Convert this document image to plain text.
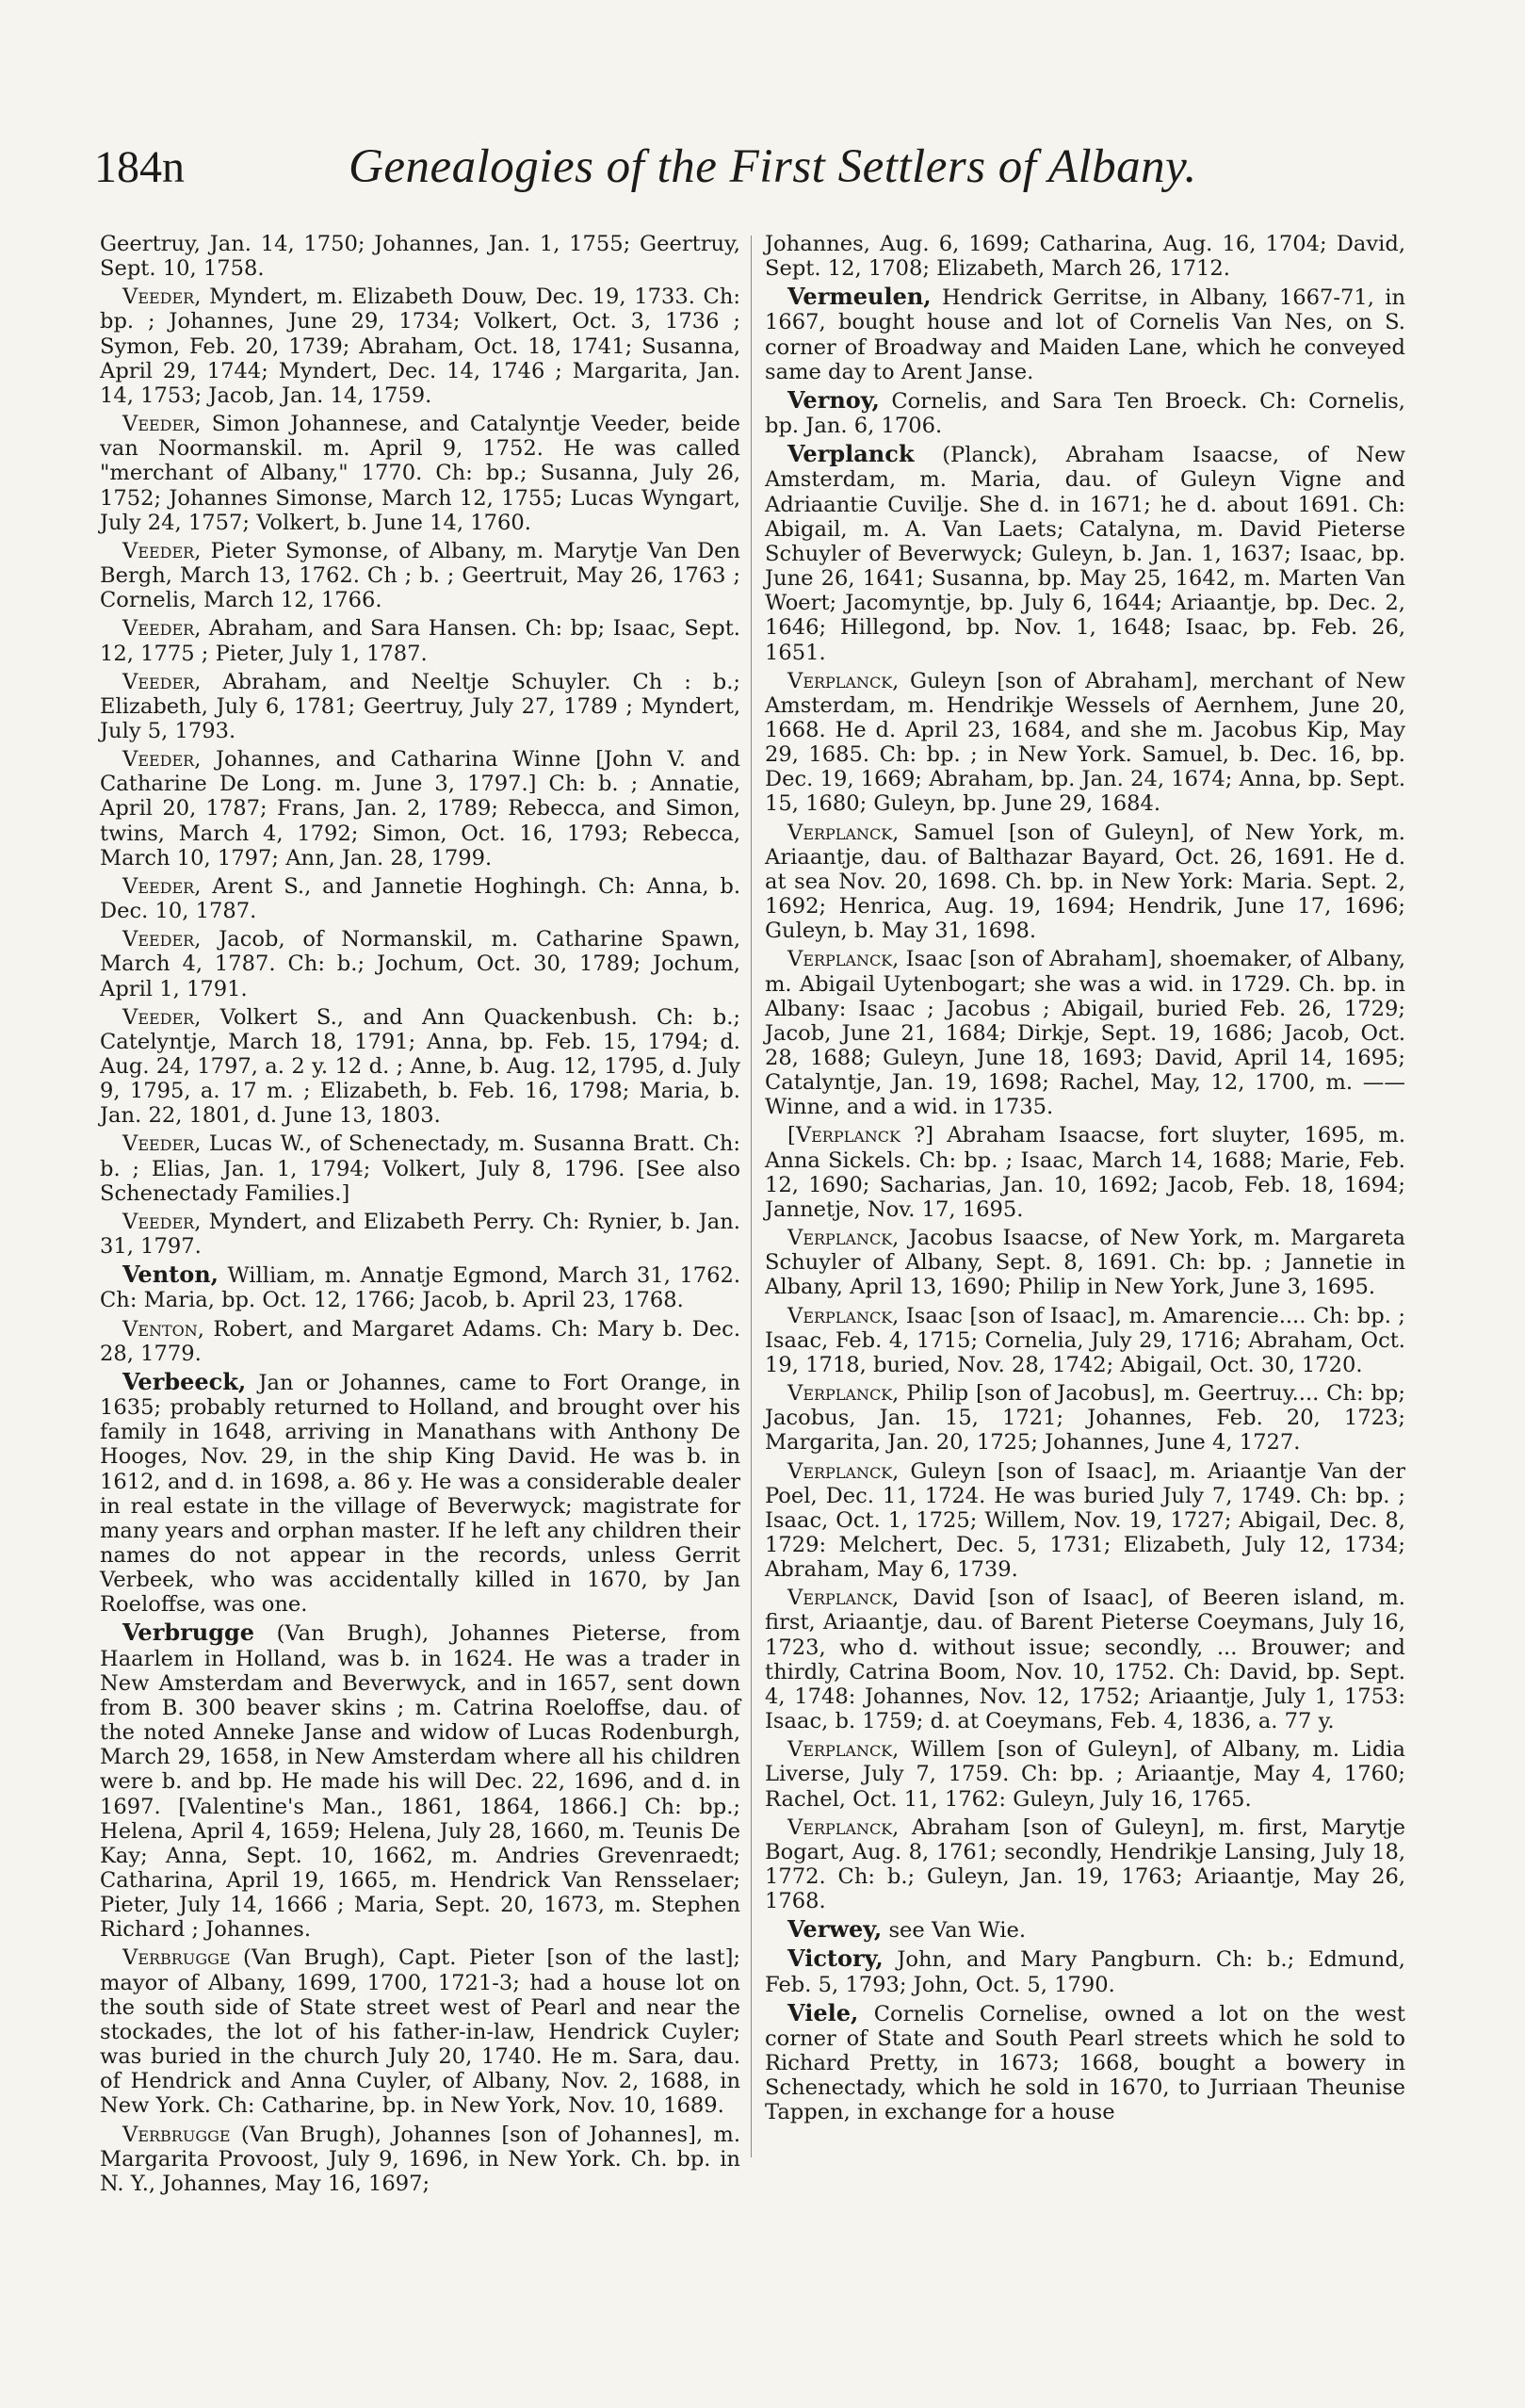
184n	Genealogies of the First Settlers of Albany.

Geertruy, Jan. 14, 1750; Johannes, Jan. 1, 1755; Geertruy, Sept. 10, 1758.

Veeder, Myndert, m. Elizabeth Douw, Dec. 19, 1733. Ch: bp. ; Johannes, June 29, 1734; Volkert, Oct. 3, 1736 ; Symon, Feb. 20, 1739; Abraham, Oct. 18, 1741; Susanna, April 29, 1744; Myndert, Dec. 14, 1746 ; Margarita, Jan. 14, 1753; Jacob, Jan. 14, 1759.

Veeder, Simon Johannese, and Catalyntje Veeder, beide van Noormanskil. m. April 9, 1752. He was called "merchant of Albany," 1770. Ch: bp.; Susanna, July 26, 1752; Johannes Simonse, March 12, 1755; Lucas Wyngart, July 24, 1757; Volkert, b. June 14, 1760.

Veeder, Pieter Symonse, of Albany, m. Marytje Van Den Bergh, March 13, 1762. Ch ; b. ; Geertruit, May 26, 1763 ; Cornelis, March 12, 1766.

Veeder, Abraham, and Sara Hansen. Ch: bp; Isaac, Sept. 12, 1775 ; Pieter, July 1, 1787.

Veeder, Abraham, and Neeltje Schuyler. Ch : b.; Elizabeth, July 6, 1781; Geertruy, July 27, 1789 ; Myndert, July 5, 1793.

Veeder, Johannes, and Catharina Winne [John V. and Catharine De Long. m. June 3, 1797.] Ch: b. ; Annatie, April 20, 1787; Frans, Jan. 2, 1789; Rebecca, and Simon, twins, March 4, 1792; Simon, Oct. 16, 1793; Rebecca, March 10, 1797; Ann, Jan. 28, 1799.

Veeder, Arent S., and Jannetie Hoghingh. Ch: Anna, b. Dec. 10, 1787.

Veeder, Jacob, of Normanskil, m. Catharine Spawn, March 4, 1787. Ch: b.; Jochum, Oct. 30, 1789; Jochum, April 1, 1791.

Veeder, Volkert S., and Ann Quackenbush. Ch: b.; Catelyntje, March 18, 1791; Anna, bp. Feb. 15, 1794; d. Aug. 24, 1797, a. 2 y. 12 d. ; Anne, b. Aug. 12, 1795, d. July 9, 1795, a. 17 m. ; Elizabeth, b. Feb. 16, 1798; Maria, b. Jan. 22, 1801, d. June 13, 1803.

Veeder, Lucas W., of Schenectady, m. Susanna Bratt. Ch: b. ; Elias, Jan. 1, 1794; Volkert, July 8, 1796. [See also Schenectady Families.]

Veeder, Myndert, and Elizabeth Perry. Ch: Rynier, b. Jan. 31, 1797.

Venton, William, m. Annatje Egmond, March 31, 1762. Ch: Maria, bp. Oct. 12, 1766; Jacob, b. April 23, 1768.

Venton, Robert, and Margaret Adams. Ch: Mary b. Dec. 28, 1779.

Verbeeck, Jan or Johannes, came to Fort Orange, in 1635; probably returned to Holland, and brought over his family in 1648, arriving in Manathans with Anthony De Hooges, Nov. 29, in the ship King David. He was b. in 1612, and d. in 1698, a. 86 y. He was a considerable dealer in real estate in the village of Beverwyck; magistrate for many years and orphan master. If he left any children their names do not appear in the records, unless Gerrit Verbeek, who was accidentally killed in 1670, by Jan Roeloffse, was one.

Verbrugge (Van Brugh), Johannes Pieterse, from Haarlem in Holland, was b. in 1624. He was a trader in New Amsterdam and Beverwyck, and in 1657, sent down from B. 300 beaver skins ; m. Catrina Roeloffse, dau. of the noted Anneke Janse and widow of Lucas Rodenburgh, March 29, 1658, in New Amsterdam where all his children were b. and bp. He made his will Dec. 22, 1696, and d. in 1697. [Valentine's Man., 1861, 1864, 1866.] Ch: bp.; Helena, April 4, 1659; Helena, July 28, 1660, m. Teunis De Kay; Anna, Sept. 10, 1662, m. Andries Grevenraedt; Catharina, April 19, 1665, m. Hendrick Van Rensselaer; Pieter, July 14, 1666 ; Maria, Sept. 20, 1673, m. Stephen Richard ; Johannes.

Verbrugge (Van Brugh), Capt. Pieter [son of the last]; mayor of Albany, 1699, 1700, 1721-3; had a house lot on the south side of State street west of Pearl and near the stockades, the lot of his father-in-law, Hendrick Cuyler; was buried in the church July 20, 1740. He m. Sara, dau. of Hendrick and Anna Cuyler, of Albany, Nov. 2, 1688, in New York. Ch: Catharine, bp. in New York, Nov. 10, 1689.

Verbrugge (Van Brugh), Johannes [son of Johannes], m. Margarita Provoost, July 9, 1696, in New York. Ch. bp. in N. Y., Johannes, May 16, 1697;

Johannes, Aug. 6, 1699; Catharina, Aug. 16, 1704; David, Sept. 12, 1708; Elizabeth, March 26, 1712.

Vermeulen, Hendrick Gerritse, in Albany, 1667-71, in 1667, bought house and lot of Cornelis Van Nes, on S. corner of Broadway and Maiden Lane, which he conveyed same day to Arent Janse.

Vernoy, Cornelis, and Sara Ten Broeck. Ch: Cornelis, bp. Jan. 6, 1706.

Verplanck (Planck), Abraham Isaacse, of New Amsterdam, m. Maria, dau. of Guleyn Vigne and Adriaantie Cuvilje. She d. in 1671; he d. about 1691. Ch: Abigail, m. A. Van Laets; Catalyna, m. David Pieterse Schuyler of Beverwyck; Guleyn, b. Jan. 1, 1637; Isaac, bp. June 26, 1641; Susanna, bp. May 25, 1642, m. Marten Van Woert; Jacomyntje, bp. July 6, 1644; Ariaantje, bp. Dec. 2, 1646; Hillegond, bp. Nov. 1, 1648; Isaac, bp. Feb. 26, 1651.

Verplanck, Guleyn [son of Abraham], merchant of New Amsterdam, m. Hendrikje Wessels of Aernhem, June 20, 1668. He d. April 23, 1684, and she m. Jacobus Kip, May 29, 1685. Ch: bp. ; in New York. Samuel, b. Dec. 16, bp. Dec. 19, 1669; Abraham, bp. Jan. 24, 1674; Anna, bp. Sept. 15, 1680; Guleyn, bp. June 29, 1684.

Verplanck, Samuel [son of Guleyn], of New York, m. Ariaantje, dau. of Balthazar Bayard, Oct. 26, 1691. He d. at sea Nov. 20, 1698. Ch. bp. in New York: Maria. Sept. 2, 1692; Henrica, Aug. 19, 1694; Hendrik, June 17, 1696; Guleyn, b. May 31, 1698.

Verplanck, Isaac [son of Abraham], shoemaker, of Albany, m. Abigail Uytenbogart; she was a wid. in 1729. Ch. bp. in Albany: Isaac ; Jacobus ; Abigail, buried Feb. 26, 1729; Jacob, June 21, 1684; Dirkje, Sept. 19, 1686; Jacob, Oct. 28, 1688; Guleyn, June 18, 1693; David, April 14, 1695; Catalyntje, Jan. 19, 1698; Rachel, May, 12, 1700, m. —— Winne, and a wid. in 1735.

[Verplanck ?] Abraham Isaacse, fort sluyter, 1695, m. Anna Sickels. Ch: bp. ; Isaac, March 14, 1688; Marie, Feb. 12, 1690; Sacharias, Jan. 10, 1692; Jacob, Feb. 18, 1694; Jannetje, Nov. 17, 1695.

Verplanck, Jacobus Isaacse, of New York, m. Margareta Schuyler of Albany, Sept. 8, 1691. Ch: bp. ; Jannetie in Albany, April 13, 1690; Philip in New York, June 3, 1695.

Verplanck, Isaac [son of Isaac], m. Amarencie.... Ch: bp. ; Isaac, Feb. 4, 1715; Cornelia, July 29, 1716; Abraham, Oct. 19, 1718, buried, Nov. 28, 1742; Abigail, Oct. 30, 1720.

Verplanck, Philip [son of Jacobus], m. Geertruy.... Ch: bp; Jacobus, Jan. 15, 1721; Johannes, Feb. 20, 1723; Margarita, Jan. 20, 1725; Johannes, June 4, 1727.

Verplanck, Guleyn [son of Isaac], m. Ariaantje Van der Poel, Dec. 11, 1724. He was buried July 7, 1749. Ch: bp. ; Isaac, Oct. 1, 1725; Willem, Nov. 19, 1727; Abigail, Dec. 8, 1729: Melchert, Dec. 5, 1731; Elizabeth, July 12, 1734; Abraham, May 6, 1739.

Verplanck, David [son of Isaac], of Beeren island, m. first, Ariaantje, dau. of Barent Pieterse Coeymans, July 16, 1723, who d. without issue; secondly, ... Brouwer; and thirdly, Catrina Boom, Nov. 10, 1752. Ch: David, bp. Sept. 4, 1748: Johannes, Nov. 12, 1752; Ariaantje, July 1, 1753: Isaac, b. 1759; d. at Coeymans, Feb. 4, 1836, a. 77 y.

Verplanck, Willem [son of Guleyn], of Albany, m. Lidia Liverse, July 7, 1759. Ch: bp. ; Ariaantje, May 4, 1760; Rachel, Oct. 11, 1762: Guleyn, July 16, 1765.

Verplanck, Abraham [son of Guleyn], m. first, Marytje Bogart, Aug. 8, 1761; secondly, Hendrikje Lansing, July 18, 1772. Ch: b.; Guleyn, Jan. 19, 1763; Ariaantje, May 26, 1768.

Verwey, see Van Wie.

Victory, John, and Mary Pangburn. Ch: b.; Edmund, Feb. 5, 1793; John, Oct. 5, 1790.

Viele, Cornelis Cornelise, owned a lot on the west corner of State and South Pearl streets which he sold to Richard Pretty, in 1673; 1668, bought a bowery in Schenectady, which he sold in 1670, to Jurriaan Theunise Tappen, in exchange for a house
